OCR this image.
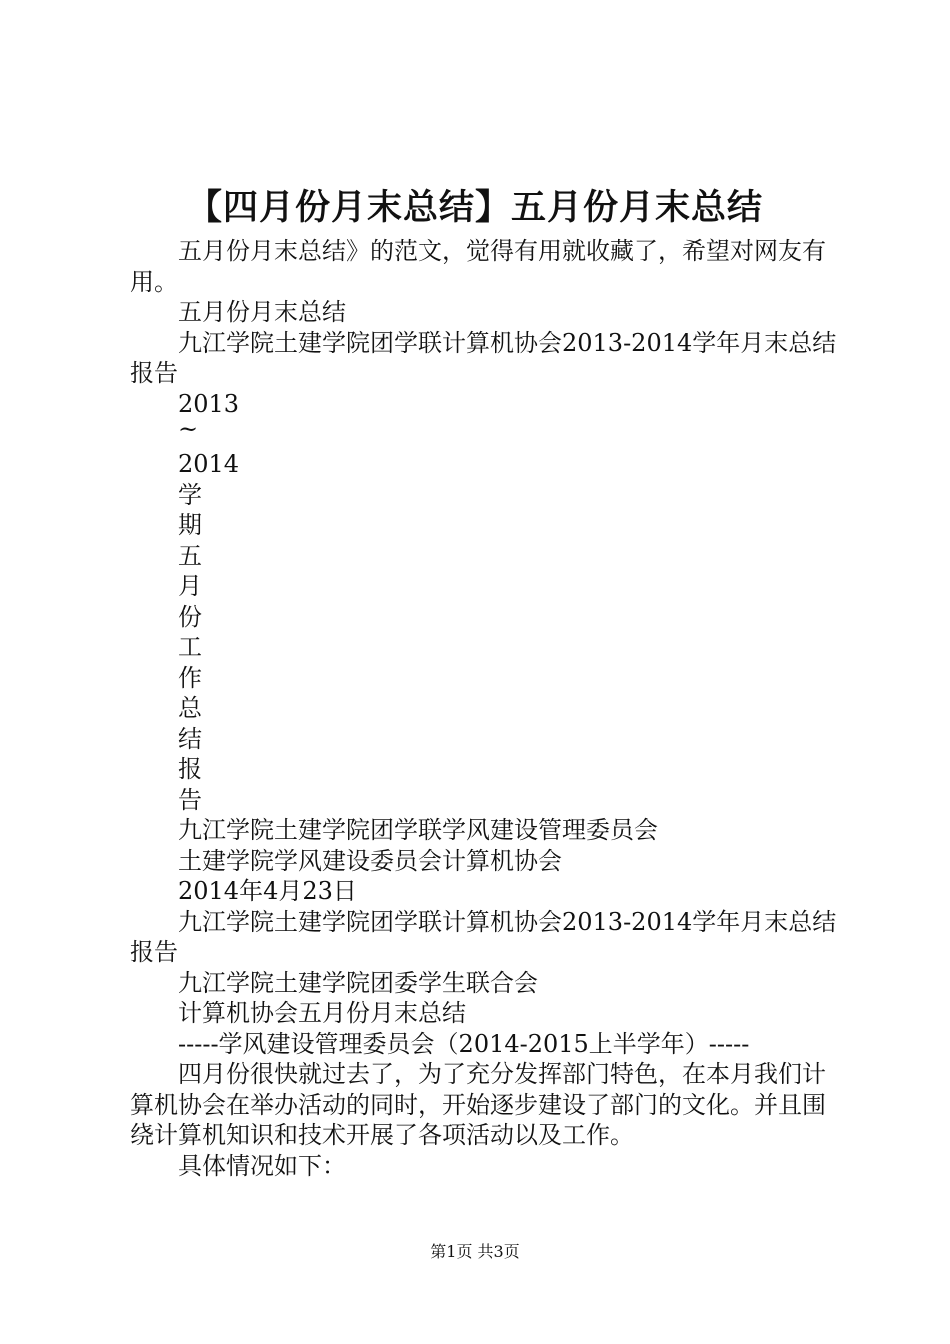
【四月份月末总结】五月份月末总结

五月份月末总结》的范文，觉得有用就收藏了，希望对网友有用。

五月份月末总结

九江学院土建学院团学联计算机协会2013-2014学年月末总结报告

2013

~

2014

学

期

五

月

份

工

作

总

结

报

告

九江学院土建学院团学联学风建设管理委员会

土建学院学风建设委员会计算机协会

2014年4月23日

九江学院土建学院团学联计算机协会2013-2014学年月末总结报告

九江学院土建学院团委学生联合会

计算机协会五月份月末总结

-----学风建设管理委员会（2014-2015上半学年）-----

四月份很快就过去了，为了充分发挥部门特色，在本月我们计算机协会在举办活动的同时，开始逐步建设了部门的文化。并且围绕计算机知识和技术开展了各项活动以及工作。

具体情况如下：

第1页 共3页
